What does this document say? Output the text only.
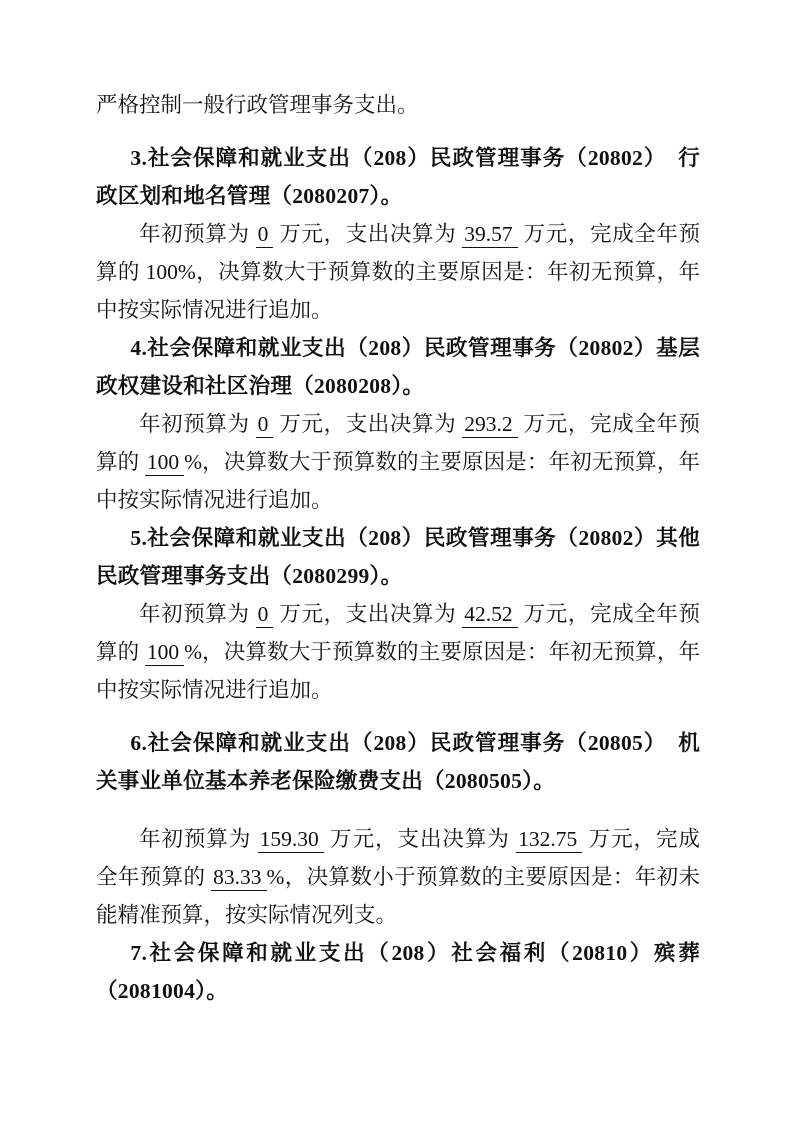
严格控制一般行政管理事务支出。

3.社会保障和就业支出（208）民政管理事务（20802）　行政区划和地名管理（2080207）。

年初预算为 0 万元，支出决算为 39.57 万元，完成全年预算的 100%，决算数大于预算数的主要原因是：年初无预算，年中按实际情况进行追加。

4.社会保障和就业支出（208）民政管理事务（20802）基层政权建设和社区治理（2080208）。

年初预算为 0 万元，支出决算为 293.2 万元，完成全年预算的 100 %，决算数大于预算数的主要原因是：年初无预算，年中按实际情况进行追加。

5.社会保障和就业支出（208）民政管理事务（20802）其他民政管理事务支出（2080299）。

年初预算为 0 万元，支出决算为 42.52 万元，完成全年预算的 100 %，决算数大于预算数的主要原因是：年初无预算，年中按实际情况进行追加。

6.社会保障和就业支出（208）民政管理事务（20805）　机关事业单位基本养老保险缴费支出（2080505）。

年初预算为 159.30 万元，支出决算为 132.75 万元，完成全年预算的 83.33 %，决算数小于预算数的主要原因是：年初未能精准预算，按实际情况列支。

7.社会保障和就业支出（208）社会福利（20810）殡葬（2081004）。
